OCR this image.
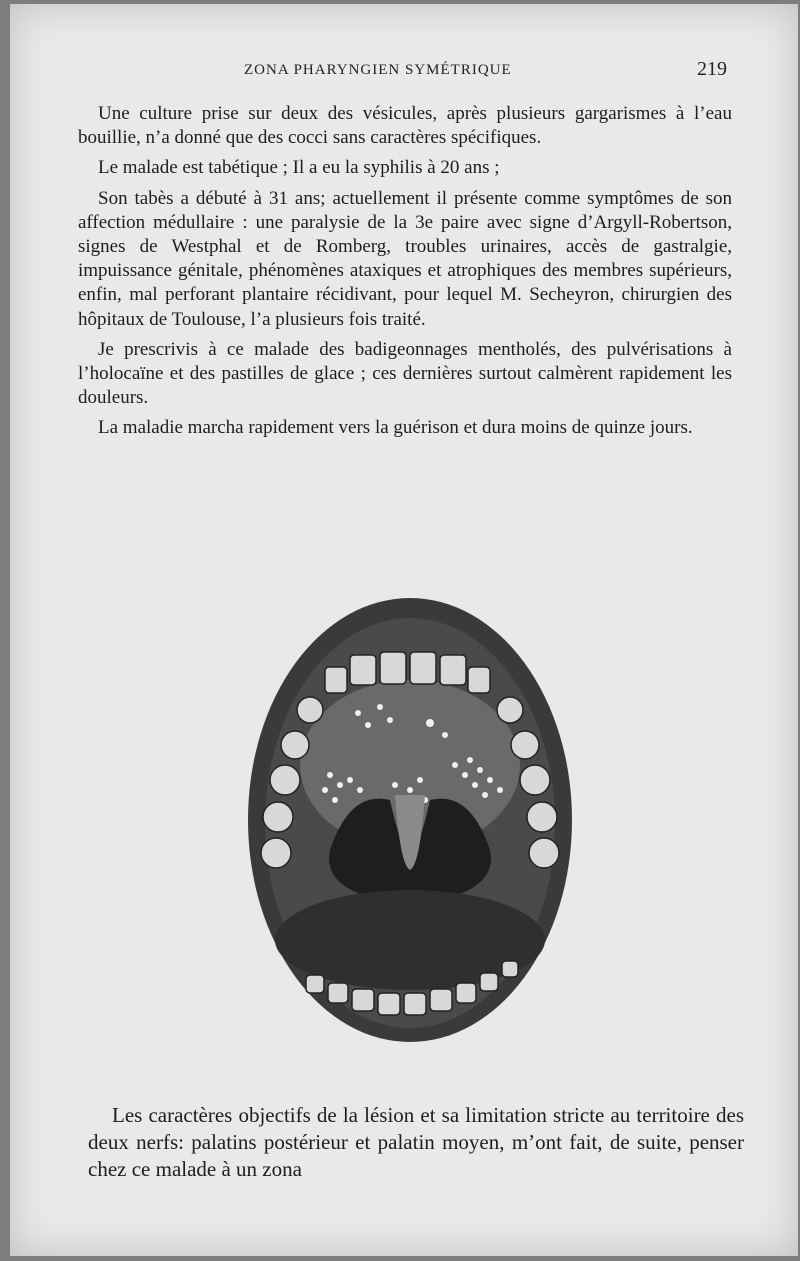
ZONA PHARYNGIEN SYMÉTRIQUE	219

Une culture prise sur deux des vésicules, après plusieurs gargarismes à l’eau bouillie, n’a donné que des cocci sans caractères spécifiques.

Le malade est tabétique ; Il a eu la syphilis à 20 ans ;

Son tabès a débuté à 31 ans; actuellement il présente comme symptômes de son affection médullaire : une paralysie de la 3e paire avec signe d’Argyll-Robertson, signes de Westphal et de Romberg, troubles urinaires, accès de gastralgie, impuissance génitale, phénomènes ataxiques et atrophiques des membres supérieurs, enfin, mal perforant plantaire récidivant, pour lequel M. Secheyron, chirurgien des hôpitaux de Toulouse, l’a plusieurs fois traité.

Je prescrivis à ce malade des badigeonnages mentholés, des pulvérisations à l’holocaïne et des pastilles de glace ; ces dernières surtout calmèrent rapidement les douleurs.

La maladie marcha rapidement vers la guérison et dura moins de quinze jours.

Les caractères objectifs de la lésion et sa limitation stricte au territoire des deux nerfs: palatins postérieur et palatin moyen, m’ont fait, de suite, penser chez ce malade à un zona
